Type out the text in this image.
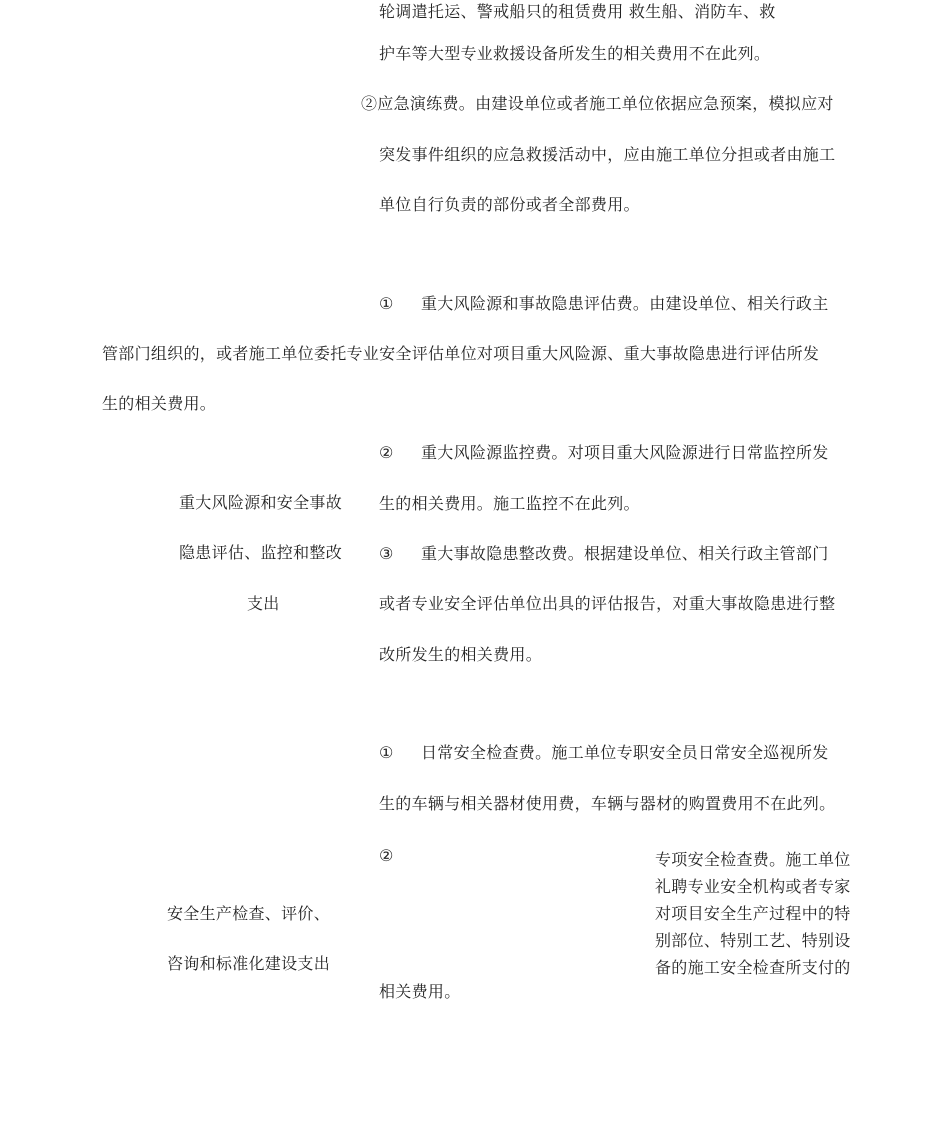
轮调遣托运、警戒船只的租赁费用 救生船、消防车、救
护车等大型专业救援设备所发生的相关费用不在此列。
②应急演练费。由建设单位或者施工单位依据应急预案，模拟应对
突发事件组织的应急救援活动中，应由施工单位分担或者由施工
单位自行负责的部份或者全部费用。
① 重大风险源和事故隐患评估费。由建设单位、相关行政主
管部门组织的，或者施工单位委托专业安全评估单位对项目重大风险源、重大事故隐患进行评估所发
生的相关费用。
② 重大风险源监控费。对项目重大风险源进行日常监控所发
生的相关费用。施工监控不在此列。
重大风险源和安全事故
隐患评估、监控和整改
支出
③ 重大事故隐患整改费。根据建设单位、相关行政主管部门
或者专业安全评估单位出具的评估报告，对重大事故隐患进行整
改所发生的相关费用。
① 日常安全检查费。施工单位专职安全员日常安全巡视所发
生的车辆与相关器材使用费，车辆与器材的购置费用不在此列。
②	专项安全检查费。施工单位
礼聘专业安全机构或者专家
对项目安全生产过程中的特
别部位、特别工艺、特别设
备的施工安全检查所支付的
相关费用。
安全生产检查、评价、
咨询和标准化建设支出
